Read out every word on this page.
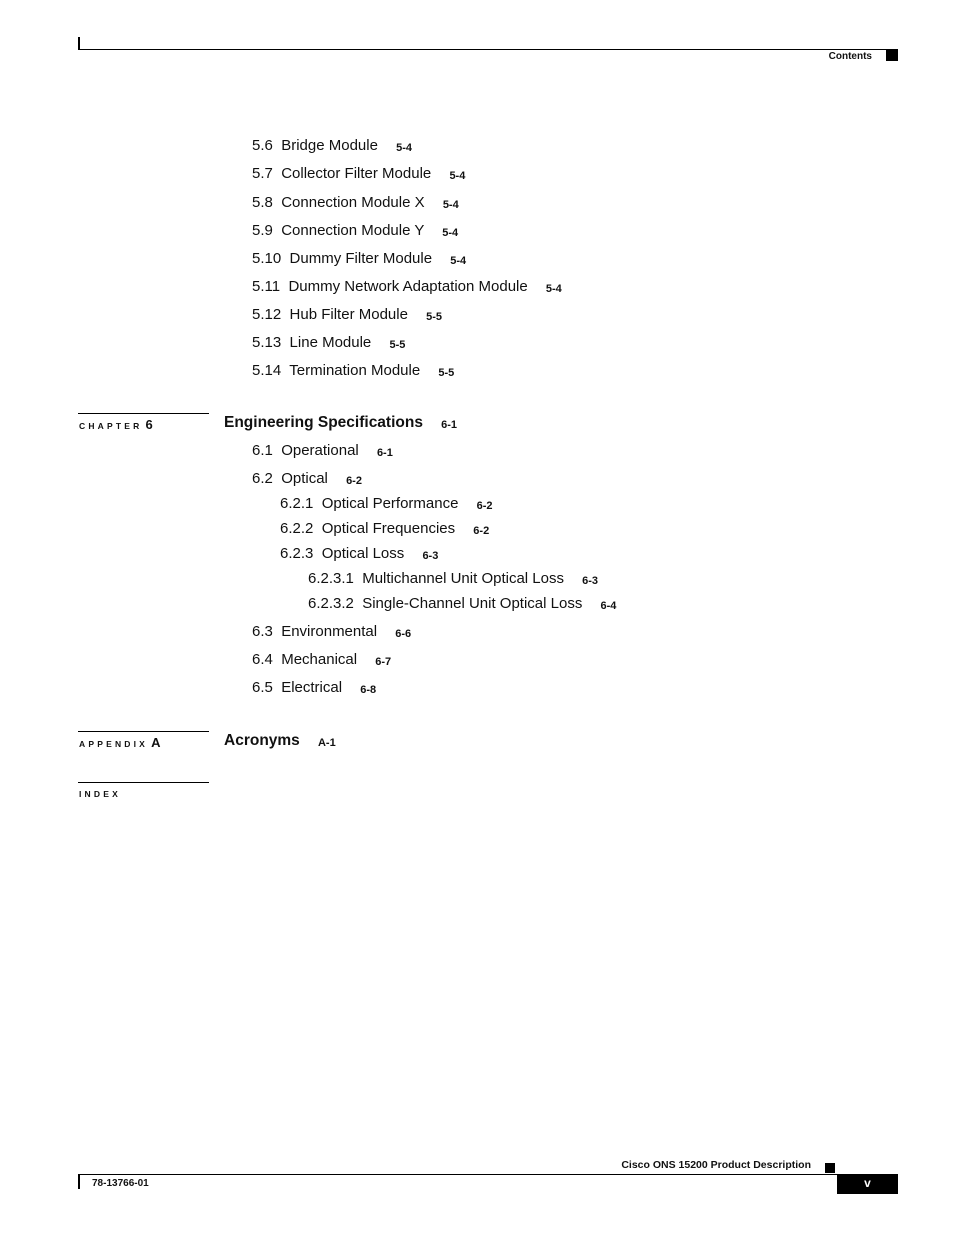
Contents
5.6 Bridge Module 5-4
5.7 Collector Filter Module 5-4
5.8 Connection Module X 5-4
5.9 Connection Module Y 5-4
5.10 Dummy Filter Module 5-4
5.11 Dummy Network Adaptation Module 5-4
5.12 Hub Filter Module 5-5
5.13 Line Module 5-5
5.14 Termination Module 5-5
CHAPTER 6	Engineering Specifications 6-1
6.1 Operational 6-1
6.2 Optical 6-2
6.2.1 Optical Performance 6-2
6.2.2 Optical Frequencies 6-2
6.2.3 Optical Loss 6-3
6.2.3.1 Multichannel Unit Optical Loss 6-3
6.2.3.2 Single-Channel Unit Optical Loss 6-4
6.3 Environmental 6-6
6.4 Mechanical 6-7
6.5 Electrical 6-8
APPENDIX A	Acronyms A-1
INDEX
Cisco ONS 15200 Product Description
78-13766-01	v
